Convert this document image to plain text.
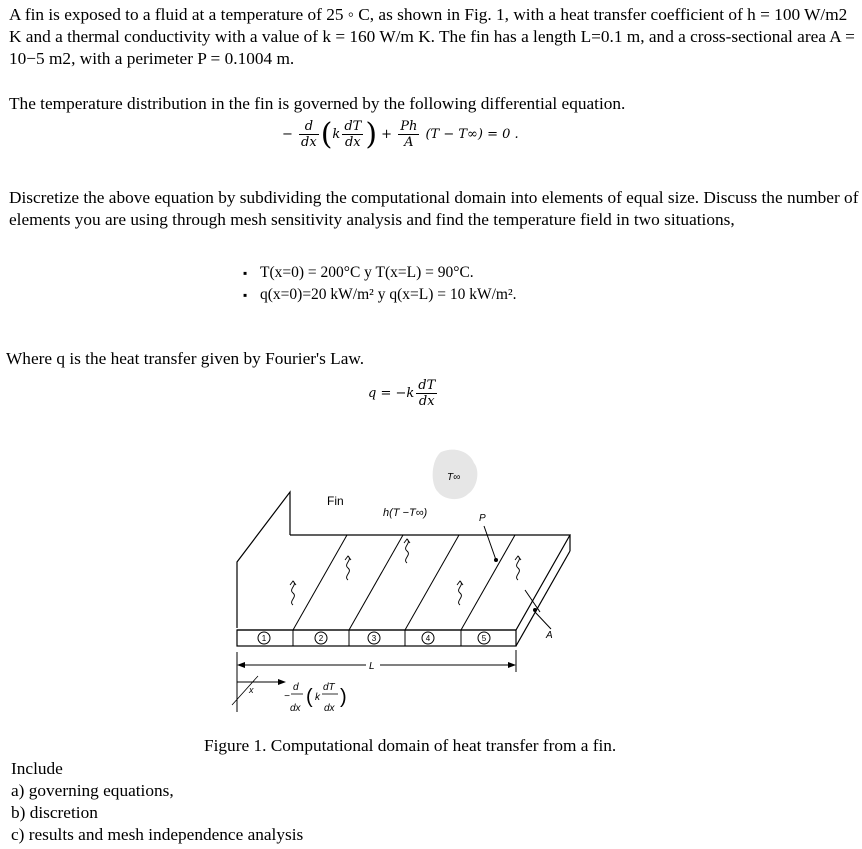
A fin is exposed to a fluid at a temperature of 25 ◦ C, as shown in Fig. 1, with a heat transfer coefficient of h = 100 W/m2 K and a thermal conductivity with a value of k = 160 W/m K. The fin has a length L=0.1 m, and a cross-sectional area A = 10−5 m2, with a perimeter P = 0.1004 m.

The temperature distribution in the fin is governed by the following differential equation.

− $\frac{d}{dx} (k \frac{dT}{dx}$ ) + $\frac{Ph}{A} (T - T\infty) = 0$ .

Discretize the above equation by subdividing the computational domain into elements of equal size. Discuss the number of elements you are using through mesh sensitivity analysis and find the temperature field in two situations,

▪ T(x=0) = 200°C y T(x=L) = 90°C.
▪ q(x=0)=20 kW/m² y q(x=L) = 10 kW/m².

Where q is the heat transfer given by Fourier's Law.

$q = -k \frac{dT}{dx}$
T∞
1	2	3	4	5
Fin
h(T −T∞)	P
A
L
x
−
d
dx
( k
dT
dx
)
Figure 1. Computational domain of heat transfer from a fin.
Include
a) governing equations,
b) discretion
c) results and mesh independence analysis
